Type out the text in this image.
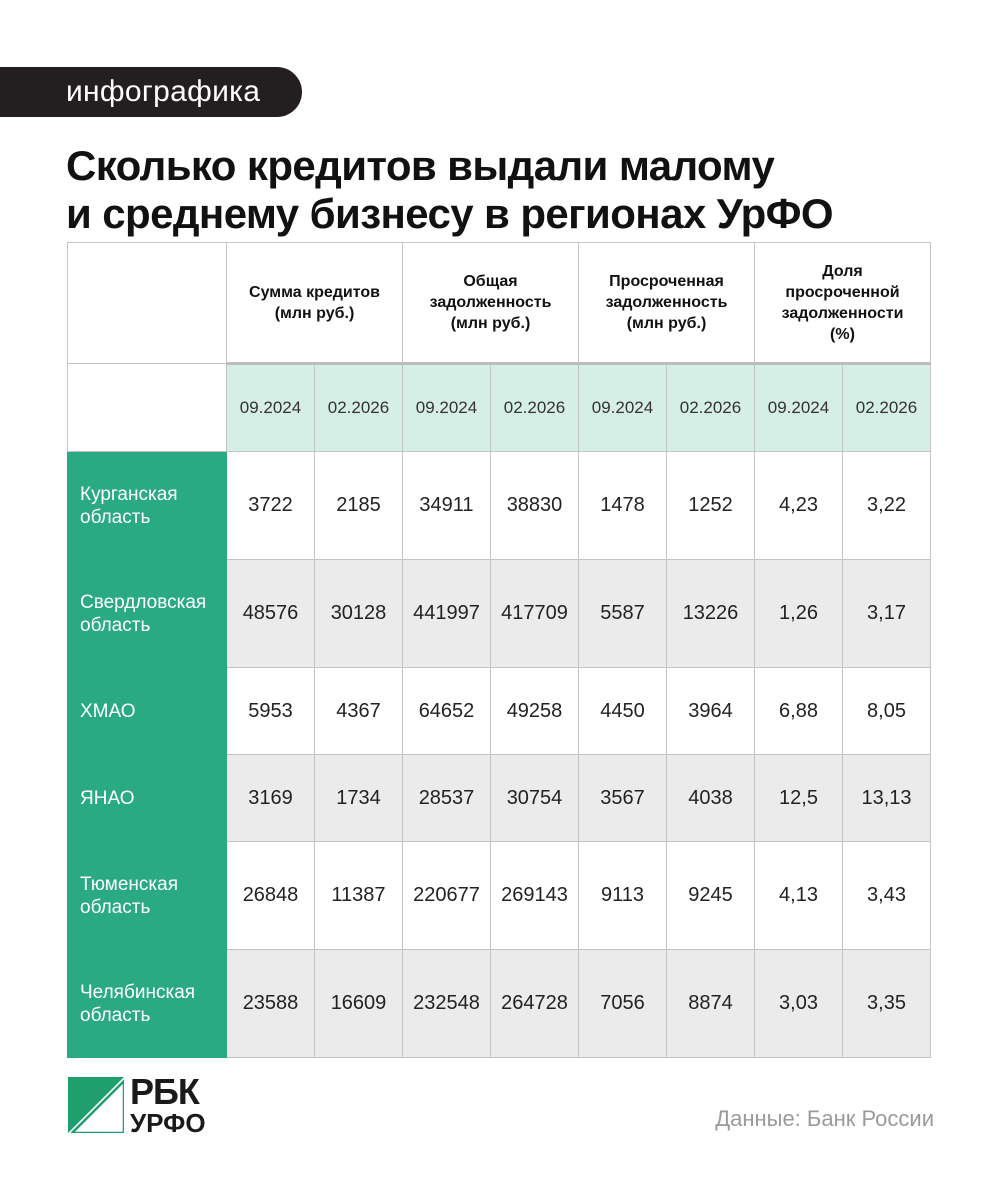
инфографика
Сколько кредитов выдали малому
и среднему бизнесу в регионах УрФО
	Сумма кредитов
(млн руб.)		Общая
задолженность
(млн руб.)		Просроченная
задолженность
(млн руб.)		Доля
просроченной
задолженности
(%)	
	09.2024	02.2026	09.2024	02.2026	09.2024	02.2026	09.2024	02.2026
Курганская
область	3722	2185	34911	38830	1478	1252	4,23	3,22
Свердловская
область	48576	30128	441997	417709	5587	13226	1,26	3,17
ХМАО	5953	4367	64652	49258	4450	3964	6,88	8,05
ЯНАО	3169	1734	28537	30754	3567	4038	12,5	13,13
Тюменская
область	26848	11387	220677	269143	9113	9245	4,13	3,43
Челябинская
область	23588	16609	232548	264728	7056	8874	3,03	3,35
РБК
УРФО	Данные: Банк России
